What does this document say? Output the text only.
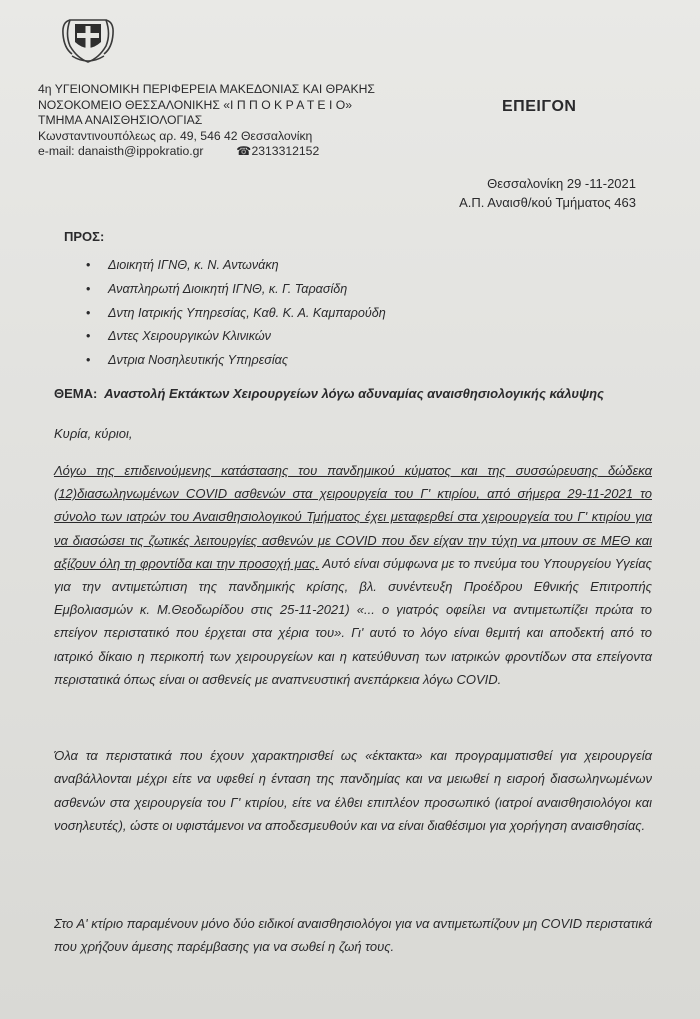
4η ΥΓΕΙΟΝΟΜΙΚΗ ΠΕΡΙΦΕΡΕΙΑ ΜΑΚΕΔΟΝΙΑΣ ΚΑΙ ΘΡΑΚΗΣ
ΝΟΣΟΚΟΜΕΙΟ ΘΕΣΣΑΛΟΝΙΚΗΣ «Ι Π Π Ο Κ Ρ Α Τ Ε Ι Ο»
ΤΜΗΜΑ ΑΝΑΙΣΘΗΣΙΟΛΟΓΙΑΣ
Κωνσταντινουπόλεως αρ. 49, 546 42 Θεσσαλονίκη
e-mail: danaisth@ippokratio.gr	☎2313312152
ΕΠΕΙΓΟΝ
Θεσσαλονίκη 29 -11-2021
Α.Π. Αναισθ/κού Τμήματος 463
ΠΡΟΣ:
• Διοικητή ΙΓΝΘ, κ. Ν. Αντωνάκη
• Αναπληρωτή Διοικητή ΙΓΝΘ, κ. Γ. Ταρασίδη
• Δντη Ιατρικής Υπηρεσίας, Καθ. Κ. Α. Καμπαρούδη
• Δντες Χειρουργικών Κλινικών
• Δντρια Νοσηλευτικής Υπηρεσίας
ΘΕΜΑ: Αναστολή Εκτάκτων Χειρουργείων λόγω αδυναμίας αναισθησιολογικής κάλυψης
Κυρία, κύριοι,

Λόγω της επιδεινούμενης κατάστασης του πανδημικού κύματος και της συσσώρευσης δώδεκα (12)διασωληνωμένων COVID ασθενών στα χειρουργεία του Γ' κτιρίου, από σήμερα 29-11-2021 το σύνολο των ιατρών του Αναισθησιολογικού Τμήματος έχει μεταφερθεί στα χειρουργεία του Γ' κτιρίου για να διασώσει τις ζωτικές λειτουργίες ασθενών με COVID που δεν είχαν την τύχη να μπουν σε ΜΕΘ και αξίζουν όλη τη φροντίδα και την προσοχή μας. Αυτό είναι σύμφωνα με το πνεύμα του Υπουργείου Υγείας για την αντιμετώπιση της πανδημικής κρίσης, βλ. συνέντευξη Προέδρου Εθνικής Επιτροπής Εμβολιασμών κ. Μ.Θεοδωρίδου στις 25-11-2021) «... ο γιατρός οφείλει να αντιμετωπίζει πρώτα το επείγον περιστατικό που έρχεται στα χέρια του». Γι' αυτό το λόγο είναι θεμιτή και αποδεκτή από το ιατρικό δίκαιο η περικοπή των χειρουργείων και η κατεύθυνση των ιατρικών φροντίδων στα επείγοντα περιστατικά όπως είναι οι ασθενείς με αναπνευστική ανεπάρκεια λόγω COVID.

Όλα τα περιστατικά που έχουν χαρακτηρισθεί ως «έκτακτα» και προγραμματισθεί για χειρουργεία αναβάλλονται μέχρι είτε να υφεθεί η ένταση της πανδημίας και να μειωθεί η εισροή διασωληνωμένων ασθενών στα χειρουργεία του Γ' κτιρίου, είτε να έλθει επιπλέον προσωπικό (ιατροί αναισθησιολόγοι και νοσηλευτές), ώστε οι υφιστάμενοι να αποδεσμευθούν και να είναι διαθέσιμοι για χορήγηση αναισθησίας.

Στο Α' κτίριο παραμένουν μόνο δύο ειδικοί αναισθησιολόγοι για να αντιμετωπίζουν μη COVID περιστατικά που χρήζουν άμεσης παρέμβασης για να σωθεί η ζωή τους.
